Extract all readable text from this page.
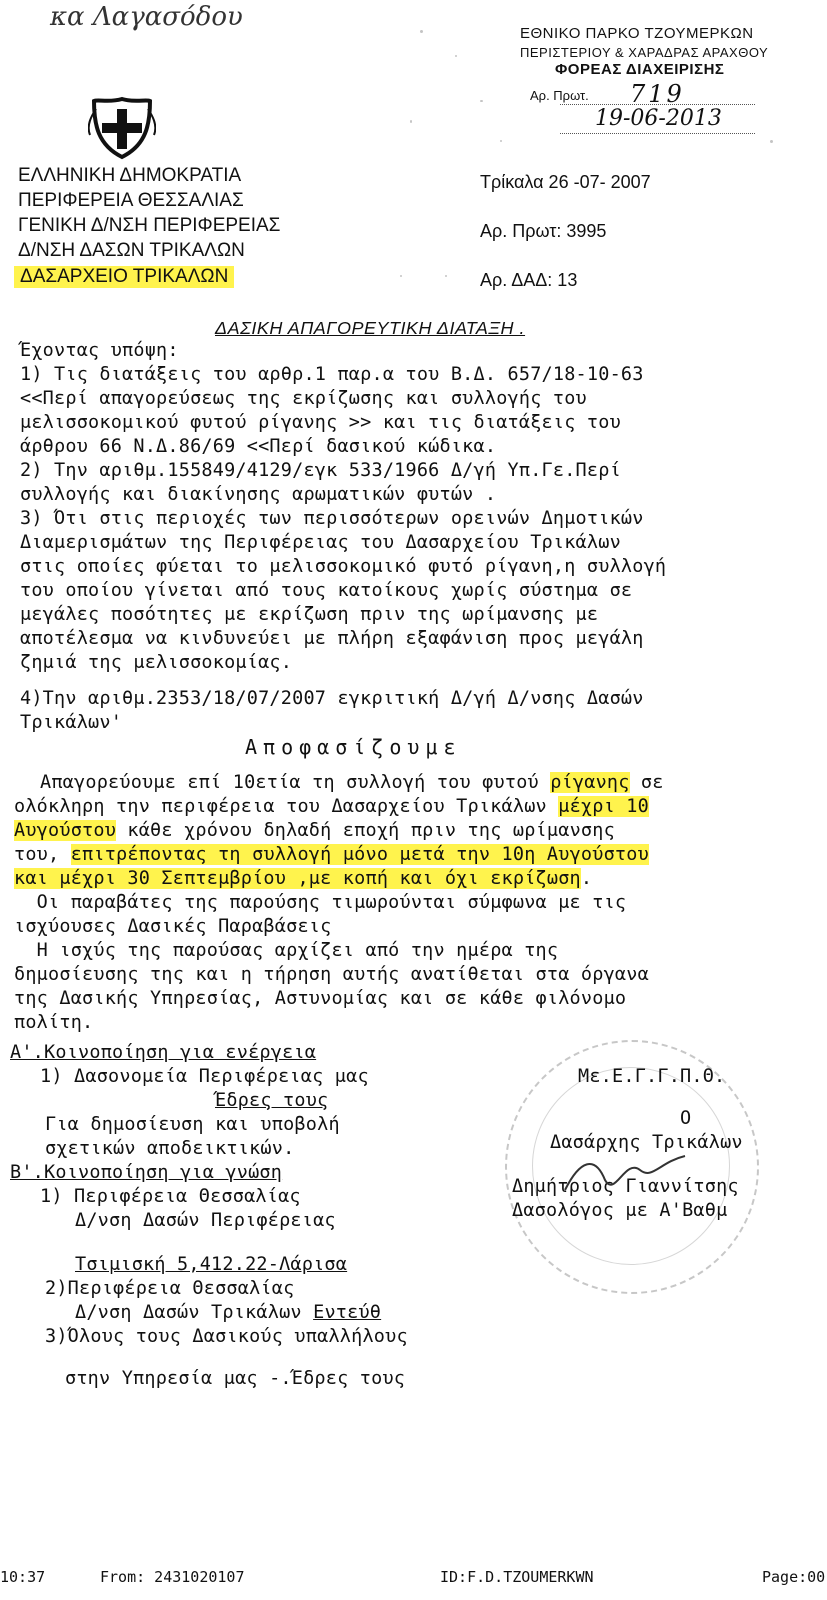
κα Λαγασόδου
ΕΘΝΙΚΟ ΠΑΡΚΟ ΤΖΟΥΜΕΡΚΩΝ
ΠΕΡΙΣΤΕΡΙΟΥ & ΧΑΡΑΔΡΑΣ ΑΡΑΧΘΟΥ
ΦΟΡΕΑΣ ΔΙΑΧΕΙΡΙΣΗΣ
Αρ. Πρωτ. 719
19-06-2013
ΕΛΛΗΝΙΚΗ ΔΗΜΟΚΡΑΤΙΑ
ΠΕΡΙΦΕΡΕΙΑ ΘΕΣΣΑΛΙΑΣ
ΓΕΝΙΚΗ Δ/ΝΣΗ ΠΕΡΙΦΕΡΕΙΑΣ
Δ/ΝΣΗ ΔΑΣΩΝ ΤΡΙΚΑΛΩΝ
ΔΑΣΑΡΧΕΙΟ ΤΡΙΚΑΛΩΝ
Τρίκαλα 26 -07- 2007
Αρ. Πρωτ: 3995
Αρ. ΔΑΔ: 13
ΔΑΣΙΚΗ ΑΠΑΓΟΡΕΥΤΙΚΗ ΔΙΑΤΑΞΗ .
Έχοντας υπόψη:
1) Τις διατάξεις του αρθρ.1 παρ.α του Β.Δ. 657/18-10-63
<<Περί απαγορεύσεως της εκρίζωσης και συλλογής του
μελισσοκομικού φυτού ρίγανης >> και τις διατάξεις του
άρθρου 66 Ν.Δ.86/69 <<Περί δασικού κώδικα.
2) Την αριθμ.155849/4129/εγκ 533/1966 Δ/γή Υπ.Γε.Περί
συλλογής και διακίνησης αρωματικών φυτών .
3) Ότι στις περιοχές των περισσότερων ορεινών Δημοτικών
Διαμερισμάτων της Περιφέρειας του Δασαρχείου Τρικάλων
στις οποίες φύεται το μελισσοκομικό φυτό ρίγανη,η συλλογή
του οποίου γίνεται από τους κατοίκους χωρίς σύστημα σε
μεγάλες ποσότητες με εκρίζωση πριν της ωρίμανσης με
αποτέλεσμα να κινδυνεύει με πλήρη εξαφάνιση προς μεγάλη
ζημιά της μελισσοκομίας.
4)Την αριθμ.2353/18/07/2007 εγκριτική Δ/γή Δ/νσης Δασών
Τρικάλων'
Αποφασίζουμε
Απαγορεύουμε επί 10ετία τη συλλογή του φυτού ρίγανης σε
ολόκληρη την περιφέρεια του Δασαρχείου Τρικάλων μέχρι 10
Αυγούστου κάθε χρόνου δηλαδή εποχή πριν της ωρίμανσης
του, επιτρέποντας τη συλλογή μόνο μετά την 10η Αυγούστου
και μέχρι 30 Σεπτεμβρίου ,με κοπή και όχι εκρίζωση.
Οι παραβάτες της παρούσης τιμωρούνται σύμφωνα με τις
ισχύουσες Δασικές Παραβάσεις
Η ισχύς της παρούσας αρχίζει από την ημέρα της
δημοσίευσης της και η τήρηση αυτής ανατίθεται στα όργανα
της Δασικής Υπηρεσίας, Αστυνομίας και σε κάθε φιλόνομο
πολίτη.
Α'.Κοινοποίηση για ενέργεια
1) Δασονομεία Περιφέρειας μας
Έδρες τους
Για δημοσίευση και υποβολή
σχετικών αποδεικτικών.
Β'.Κοινοποίηση για γνώση
1) Περιφέρεια Θεσσαλίας
Δ/νση Δασών Περιφέρειας
Τσιμισκή 5,412.22-Λάρισα
2)Περιφέρεια Θεσσαλίας
Δ/νση Δασών Τρικάλων Εντεύθ
3)Όλους τους Δασικούς υπαλλήλους
στην Υπηρεσία μας -.Έδρες τους
Με.Ε.Γ.Γ.Π.Θ.
Ο
Δασάρχης Τρικάλων
Δημήτριος Γιαννίτσης
Δασολόγος με Α'Βαθμ
10:37	From: 2431020107	ID:F.D.TZOUMERKWN	Page:00
